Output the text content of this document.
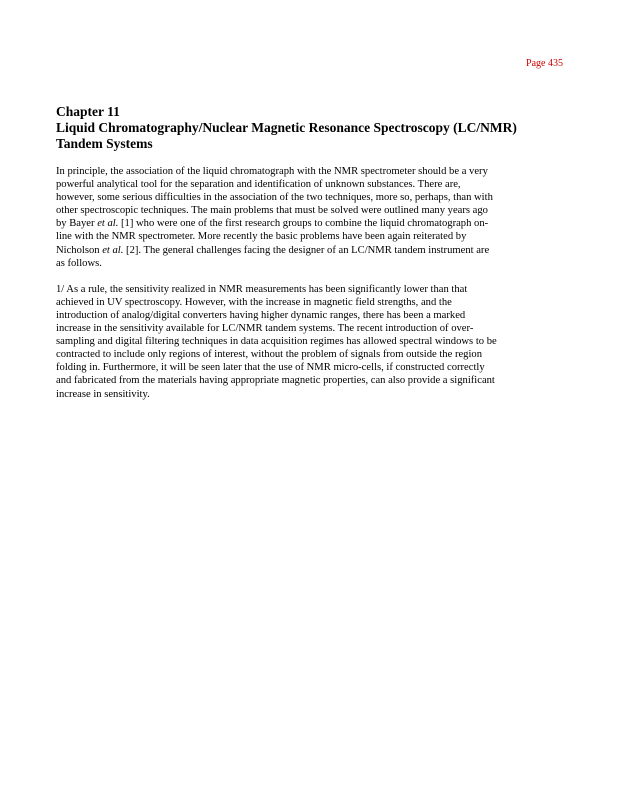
Page 435
Chapter 11
Liquid Chromatography/Nuclear Magnetic Resonance Spectroscopy (LC/NMR)
Tandem Systems

In principle, the association of the liquid chromatograph with the NMR spectrometer should be a very
powerful analytical tool for the separation and identification of unknown substances. There are,
however, some serious difficulties in the association of the two techniques, more so, perhaps, than with
other spectroscopic techniques. The main problems that must be solved were outlined many years ago
by Bayer et al. [1] who were one of the first research groups to combine the liquid chromatograph on-
line with the NMR spectrometer. More recently the basic problems have been again reiterated by
Nicholson et al. [2]. The general challenges facing the designer of an LC/NMR tandem instrument are
as follows.

1/ As a rule, the sensitivity realized in NMR measurements has been significantly lower than that
achieved in UV spectroscopy. However, with the increase in magnetic field strengths, and the
introduction of analog/digital converters having higher dynamic ranges, there has been a marked
increase in the sensitivity available for LC/NMR tandem systems. The recent introduction of over-
sampling and digital filtering techniques in data acquisition regimes has allowed spectral windows to be
contracted to include only regions of interest, without the problem of signals from outside the region
folding in. Furthermore, it will be seen later that the use of NMR micro-cells, if constructed correctly
and fabricated from the materials having appropriate magnetic properties, can also provide a significant
increase in sensitivity.
